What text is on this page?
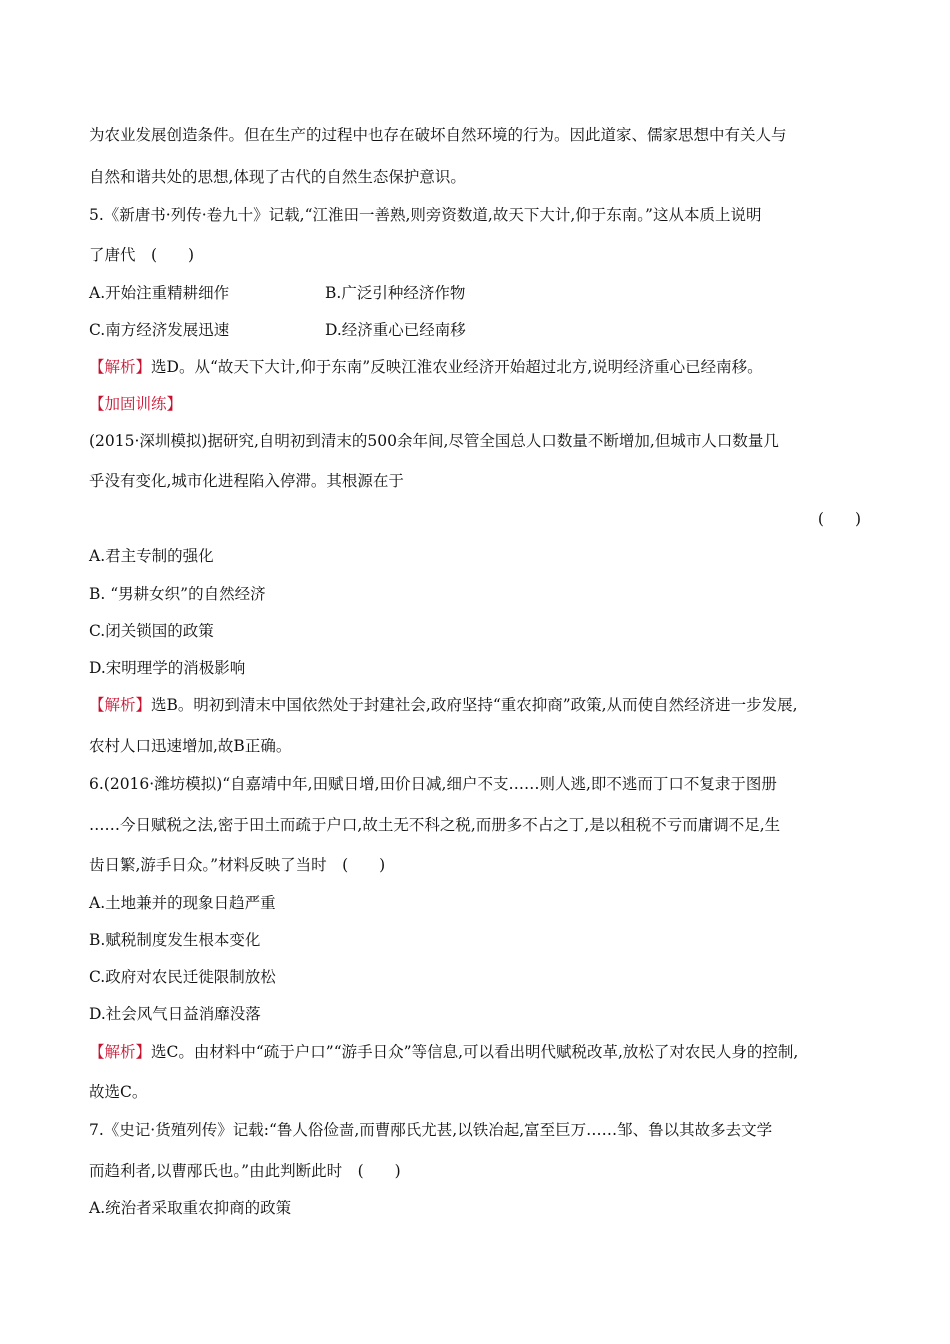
为农业发展创造条件。但在生产的过程中也存在破坏自然环境的行为。因此道家、儒家思想中有关人与
自然和谐共处的思想,体现了古代的自然生态保护意识。
5.《新唐书·列传·卷九十》记载,“江淮田一善熟,则旁资数道,故天下大计,仰于东南。”这从本质上说明
了唐代　(　　)
A.开始注重精耕细作	B.广泛引种经济作物
C.南方经济发展迅速	D.经济重心已经南移
【解析】选D。从“故天下大计,仰于东南”反映江淮农业经济开始超过北方,说明经济重心已经南移。
【加固训练】
(2015·深圳模拟)据研究,自明初到清末的500余年间,尽管全国总人口数量不断增加,但城市人口数量几
乎没有变化,城市化进程陷入停滞。其根源在于
(　　)
A.君主专制的强化
B. “男耕女织”的自然经济
C.闭关锁国的政策
D.宋明理学的消极影响
【解析】选B。明初到清末中国依然处于封建社会,政府坚持“重农抑商”政策,从而使自然经济进一步发展,
农村人口迅速增加,故B正确。
6.(2016·潍坊模拟)“自嘉靖中年,田赋日增,田价日减,细户不支……则人逃,即不逃而丁口不复隶于图册
……今日赋税之法,密于田土而疏于户口,故土无不科之税,而册多不占之丁,是以租税不亏而庸调不足,生
齿日繁,游手日众。”材料反映了当时　(　　)
A.土地兼并的现象日趋严重
B.赋税制度发生根本变化
C.政府对农民迁徙限制放松
D.社会风气日益消靡没落
【解析】选C。由材料中“疏于户口”“游手日众”等信息,可以看出明代赋税改革,放松了对农民人身的控制,
故选C。
7.《史记·货殖列传》记载:“鲁人俗俭啬,而曹邴氏尤甚,以铁冶起,富至巨万……邹、鲁以其故多去文学
而趋利者,以曹邴氏也。”由此判断此时　(　　)
A.统治者采取重农抑商的政策
